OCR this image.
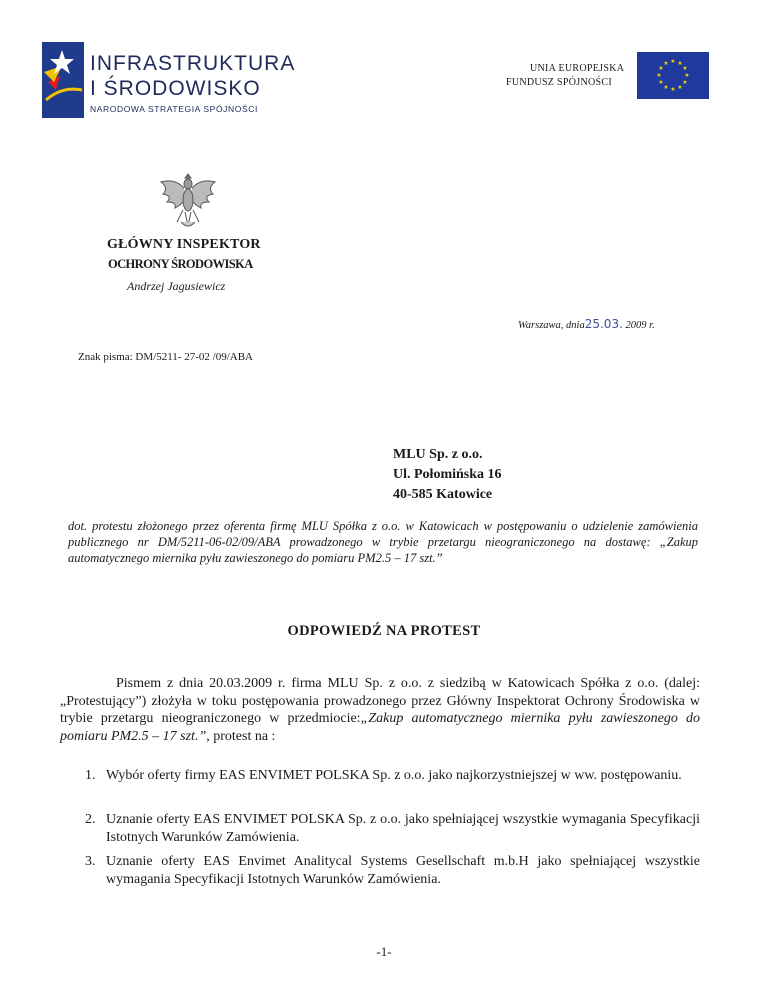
INFRASTRUKTURA
I ŚRODOWISKO
NARODOWA STRATEGIA SPÓJNOŚCI
UNIA EUROPEJSKA
FUNDUSZ SPÓJNOŚCI
★ ★
★
★
★
★
★
★
★
★
★
★
GŁÓWNY INSPEKTOR
OCHRONY ŚRODOWISKA
Andrzej Jagusiewicz
Warszawa, dnia25.03. 2009 r.
Znak pisma: DM/5211- 27-02 /09/ABA
MLU Sp. z o.o.
Ul. Połomińska 16
40-585 Katowice
dot. protestu złożonego przez oferenta firmę MLU Spółka z o.o. w Katowicach w postępowaniu o udzielenie zamówienia publicznego nr DM/5211-06-02/09/ABA prowadzonego w trybie przetargu nieograniczonego na dostawę: „Zakup automatycznego miernika pyłu zawieszonego do pomiaru PM2.5 – 17 szt.”
ODPOWIEDŹ NA PROTEST

Pismem z dnia 20.03.2009 r. firma MLU Sp. z o.o. z siedzibą w Katowicach Spółka z o.o. (dalej: „Protestujący”) złożyła w toku postępowania prowadzonego przez Główny Inspektorat Ochrony Środowiska w trybie przetargu nieograniczonego w przedmiocie:„Zakup automatycznego miernika pyłu zawieszonego do pomiaru PM2.5 – 17 szt.”, protest na :

1. Wybór oferty firmy EAS ENVIMET POLSKA Sp. z o.o. jako najkorzystniejszej w ww. postępowaniu.
2. Uznanie oferty EAS ENVIMET POLSKA Sp. z o.o. jako spełniającej wszystkie wymagania Specyfikacji Istotnych Warunków Zamówienia.
3. Uznanie oferty EAS Envimet Analitycal Systems Gesellschaft m.b.H jako spełniającej wszystkie wymagania Specyfikacji Istotnych Warunków Zamówienia.
-1-
